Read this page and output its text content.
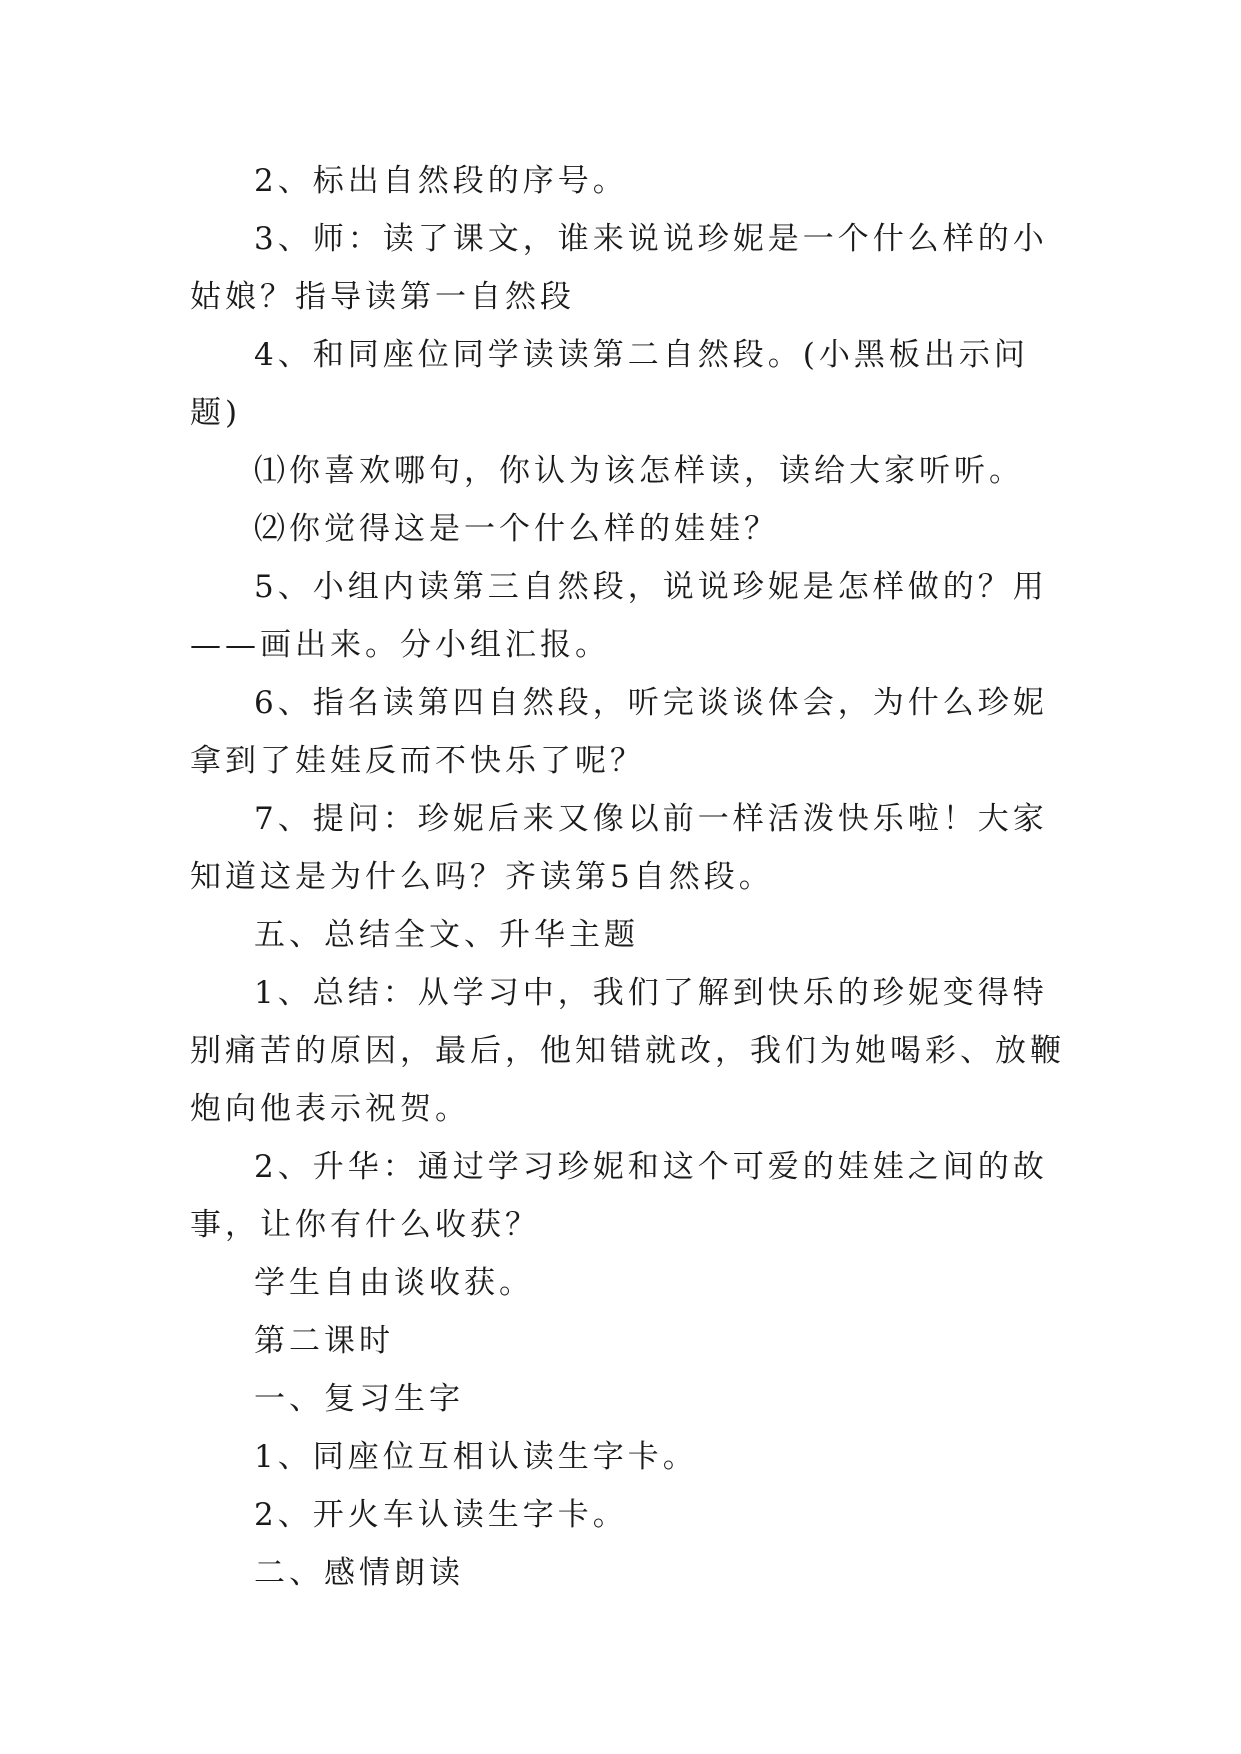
2、标出自然段的序号。

3、师：读了课文，谁来说说珍妮是一个什么样的小姑娘？指导读第一自然段

4、和同座位同学读读第二自然段。(小黑板出示问题)

⑴你喜欢哪句，你认为该怎样读，读给大家听听。

⑵你觉得这是一个什么样的娃娃？

5、小组内读第三自然段，说说珍妮是怎样做的？用——画出来。分小组汇报。

6、指名读第四自然段，听完谈谈体会，为什么珍妮拿到了娃娃反而不快乐了呢？

7、提问：珍妮后来又像以前一样活泼快乐啦！大家知道这是为什么吗？齐读第5自然段。

五、总结全文、升华主题

1、总结：从学习中，我们了解到快乐的珍妮变得特别痛苦的原因，最后，他知错就改，我们为她喝彩、放鞭炮向他表示祝贺。

2、升华：通过学习珍妮和这个可爱的娃娃之间的故事，让你有什么收获？

学生自由谈收获。

第二课时

一、复习生字

1、同座位互相认读生字卡。

2、开火车认读生字卡。

二、感情朗读
